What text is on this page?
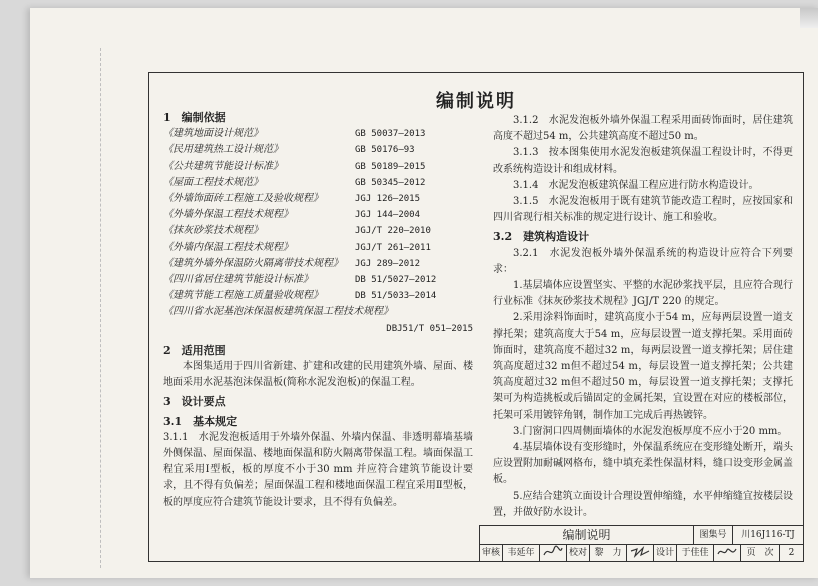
编制说明
1　编制依据
《建筑地面设计规范》	GB 50037—2013
《民用建筑热工设计规范》	GB 50176—93
《公共建筑节能设计标准》	GB 50189—2015
《屋面工程技术规范》	GB 50345—2012
《外墙饰面砖工程施工及验收规程》	JGJ 126—2015
《外墙外保温工程技术规程》	JGJ 144—2004
《抹灰砂浆技术规程》	JGJ/T 220—2010
《外墙内保温工程技术规程》	JGJ/T 261—2011
《建筑外墙外保温防火隔离带技术规程》 JGJ 289—2012
《四川省居住建筑节能设计标准》	DB 51/5027—2012
《建筑节能工程施工质量验收规程》	DB 51/5033—2014
《四川省水泥基泡沫保温板建筑保温工程技术规程》
DBJ51/T 051—2015
2　适用范围
本图集适用于四川省新建、扩建和改建的民用建筑外墙、屋面、楼地面采用水泥基泡沫保温板(简称水泥发泡板)的保温工程。
3　设计要点
3.1　基本规定
3.1.1　水泥发泡板适用于外墙外保温、外墙内保温、非透明幕墙基墙外侧保温、屋面保温、楼地面保温和防火隔离带保温工程。墙面保温工程宜采用Ⅰ型板，板的厚度不小于30 mm 并应符合建筑节能设计要求，且不得有负偏差；屋面保温工程和楼地面保温工程宜采用Ⅱ型板，板的厚度应符合建筑节能设计要求，且不得有负偏差。
3.1.2　水泥发泡板外墙外保温工程采用面砖饰面时，居住建筑高度不超过54 m，公共建筑高度不超过50 m。
3.1.3　按本图集使用水泥发泡板建筑保温工程设计时，不得更改系统构造设计和组成材料。
3.1.4　水泥发泡板建筑保温工程应进行防水构造设计。
3.1.5　水泥发泡板用于既有建筑节能改造工程时，应按国家和四川省现行相关标准的规定进行设计、施工和验收。
3.2　建筑构造设计
3.2.1　水泥发泡板外墙外保温系统的构造设计应符合下列要求：
1.基层墙体应设置坚实、平整的水泥砂浆找平层，且应符合现行行业标准《抹灰砂浆技术规程》JGJ/T 220 的规定。
2.采用涂料饰面时，建筑高度小于54 m，应每两层设置一道支撑托架；建筑高度大于54 m，应每层设置一道支撑托架。采用面砖饰面时，建筑高度不超过32 m，每两层设置一道支撑托架；居住建筑高度超过32 m但不超过54 m，每层设置一道支撑托架；公共建筑高度超过32 m但不超过50 m，每层设置一道支撑托架；支撑托架可为构造挑板或后锚固定的金属托架，宜设置在对应的楼板部位，托架可采用镀锌角钢，制作加工完成后再热镀锌。
3.门窗洞口四周侧面墙体的水泥发泡板厚度不应小于20 mm。
4.基层墙体设有变形缝时，外保温系统应在变形缝处断开，端头应设置附加耐碱网格布，缝中填充柔性保温材料，缝口设变形金属盖板。
5.应结合建筑立面设计合理设置伸缩缝，水平伸缩缝宜按楼层设置，并做好防水设计。
编制说明	图集号	川16J116-TJ
审核 韦延年	校对 黎　力	设计 于佳佳	页　次	2
